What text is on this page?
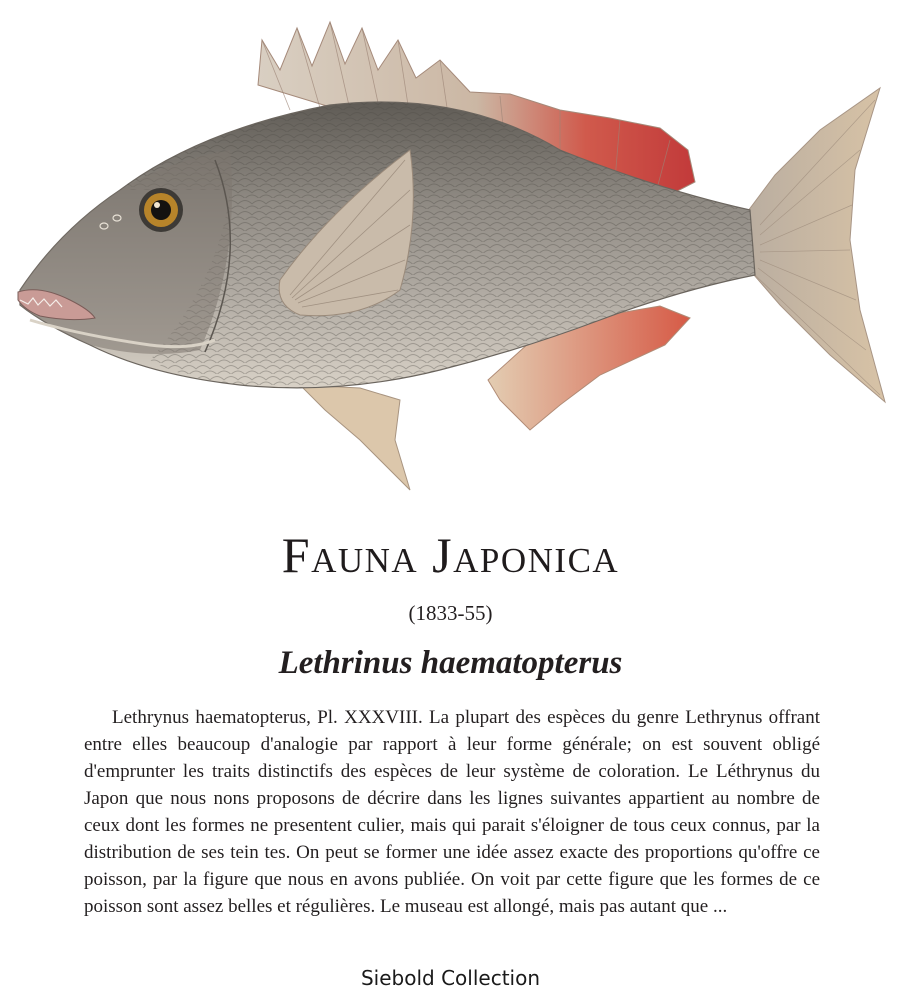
Fauna Japonica
(1833-55)
Lethrinus haematopterus

Lethrynus haematopterus, Pl. XXXVIII. La plupart des espèces du genre Lethrynus offrant entre elles beaucoup d'analogie par rapport à leur forme générale; on est souvent obligé d'emprunter les traits distinctifs des espèces de leur système de coloration. Le Léthrynus du Japon que nous nons proposons de décrire dans les lignes suivantes appartient au nombre de ceux dont les formes ne presentent culier, mais qui parait s'éloigner de tous ceux connus, par la distribution de ses tein tes. On peut se former une idée assez exacte des proportions qu'offre ce poisson, par la figure que nous en avons publiée. On voit par cette figure que les formes de ce poisson sont assez belles et régulières. Le museau est allongé, mais pas autant que ...

Siebold Collection
